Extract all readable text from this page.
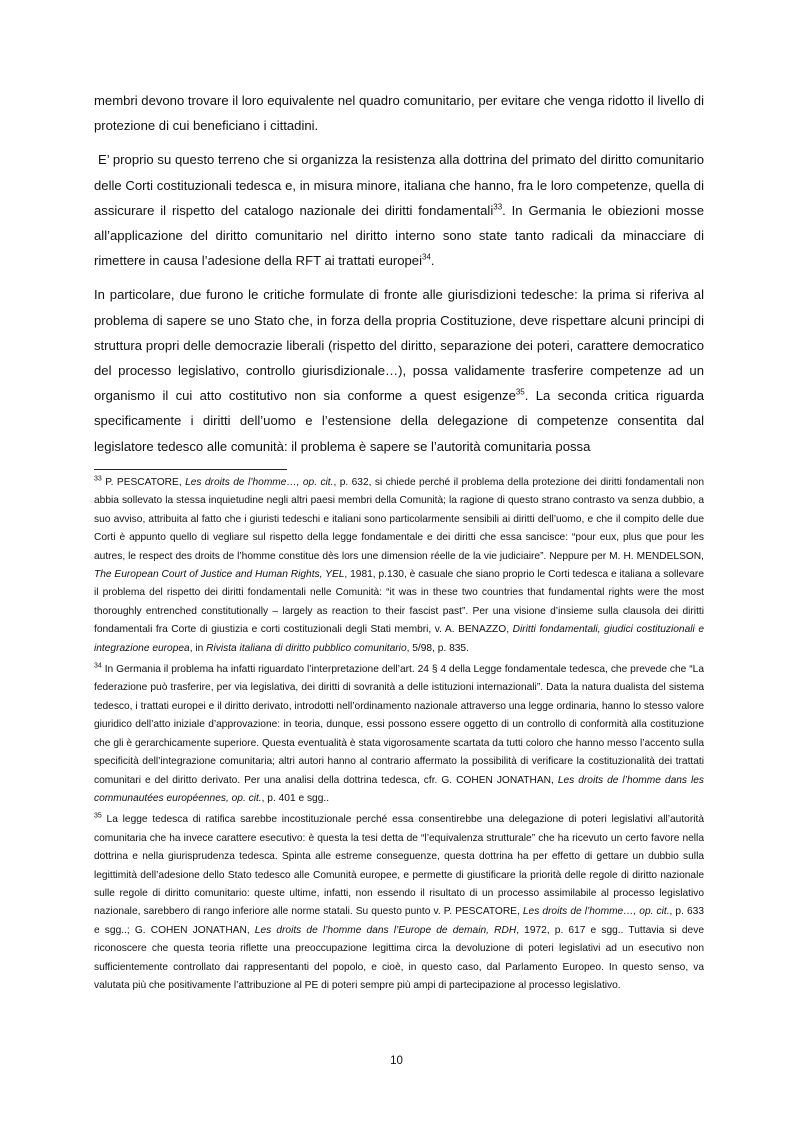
membri devono trovare il loro equivalente nel quadro comunitario, per evitare che venga ridotto il livello di protezione di cui beneficiano i cittadini.

E’ proprio su questo terreno che si organizza la resistenza alla dottrina del primato del diritto comunitario delle Corti costituzionali tedesca e, in misura minore, italiana che hanno, fra le loro competenze, quella di assicurare il rispetto del catalogo nazionale dei diritti fondamentali$^{33}$. In Germania le obiezioni mosse all’applicazione del diritto comunitario nel diritto interno sono state tanto radicali da minacciare di rimettere in causa l’adesione della RFT ai trattati europei$^{34}$.

In particolare, due furono le critiche formulate di fronte alle giurisdizioni tedesche: la prima si riferiva al problema di sapere se uno Stato che, in forza della propria Costituzione, deve rispettare alcuni principi di struttura propri delle democrazie liberali (rispetto del diritto, separazione dei poteri, carattere democratico del processo legislativo, controllo giurisdizionale…), possa validamente trasferire competenze ad un organismo il cui atto costitutivo non sia conforme a quest esigenze$^{35}$. La seconda critica riguarda specificamente i diritti dell’uomo e l’estensione della delegazione di competenze consentita dal legislatore tedesco alle comunità: il problema è sapere se l’autorità comunitaria possa

$^{33}$ P. PESCATORE, Les droits de l’homme…, op. cit., p. 632, si chiede perché il problema della protezione dei diritti fondamentali non abbia sollevato la stessa inquietudine negli altri paesi membri della Comunità; la ragione di questo strano contrasto va senza dubbio, a suo avviso, attribuita al fatto che i giuristi tedeschi e italiani sono particolarmente sensibili ai diritti dell’uomo, e che il compito delle due Corti è appunto quello di vegliare sul rispetto della legge fondamentale e dei diritti che essa sancisce: “pour eux, plus que pour les autres, le respect des droits de l’homme constitue dès lors une dimension réelle de la vie judiciaire”. Neppure per M. H. MENDELSON, The European Court of Justice and Human Rights, YEL, 1981, p.130, è casuale che siano proprio le Corti tedesca e italiana a sollevare il problema del rispetto dei diritti fondamentali nelle Comunità: “it was in these two countries that fundamental rights were the most thoroughly entrenched constitutionally – largely as reaction to their fascist past”. Per una visione d’insieme sulla clausola dei diritti fondamentali fra Corte di giustizia e corti costituzionali degli Stati membri, v. A. BENAZZO, Diritti fondamentali, giudici costituzionali e integrazione europea, in Rivista italiana di diritto pubblico comunitario, 5/98, p. 835.

$^{34}$ In Germania il problema ha infatti riguardato l’interpretazione dell’art. 24 § 4 della Legge fondamentale tedesca, che prevede che “La federazione può trasferire, per via legislativa, dei diritti di sovranità a delle istituzioni internazionali”. Data la natura dualista del sistema tedesco, i trattati europei e il diritto derivato, introdotti nell’ordinamento nazionale attraverso una legge ordinaria, hanno lo stesso valore giuridico dell’atto iniziale d’approvazione: in teoria, dunque, essi possono essere oggetto di un controllo di conformità alla costituzione che gli è gerarchicamente superiore. Questa eventualità è stata vigorosamente scartata da tutti coloro che hanno messo l’accento sulla specificità dell’integrazione comunitaria; altri autori hanno al contrario affermato la possibilità di verificare la costituzionalità dei trattati comunitari e del diritto derivato. Per una analisi della dottrina tedesca, cfr. G. COHEN JONATHAN, Les droits de l’homme dans les communautées européennes, op. cit., p. 401 e sgg..

$^{35}$ La legge tedesca di ratifica sarebbe incostituzionale perché essa consentirebbe una delegazione di poteri legislativi all’autorità comunitaria che ha invece carattere esecutivo: è questa la tesi detta de “l’equivalenza strutturale” che ha ricevuto un certo favore nella dottrina e nella giurisprudenza tedesca. Spinta alle estreme conseguenze, questa dottrina ha per effetto di gettare un dubbio sulla legittimità dell’adesione dello Stato tedesco alle Comunità europee, e permette di giustificare la priorità delle regole di diritto nazionale sulle regole di diritto comunitario: queste ultime, infatti, non essendo il risultato di un processo assimilabile al processo legislativo nazionale, sarebbero di rango inferiore alle norme statali. Su questo punto v. P. PESCATORE, Les droits de l’homme…, op. cit., p. 633 e sgg..; G. COHEN JONATHAN, Les droits de l’homme dans l’Europe de demain, RDH, 1972, p. 617 e sgg.. Tuttavia si deve riconoscere che questa teoria riflette una preoccupazione legittima circa la devoluzione di poteri legislativi ad un esecutivo non sufficientemente controllato dai rappresentanti del popolo, e cioè, in questo caso, dal Parlamento Europeo. In questo senso, va valutata più che positivamente l’attribuzione al PE di poteri sempre più ampi di partecipazione al processo legislativo.

10
